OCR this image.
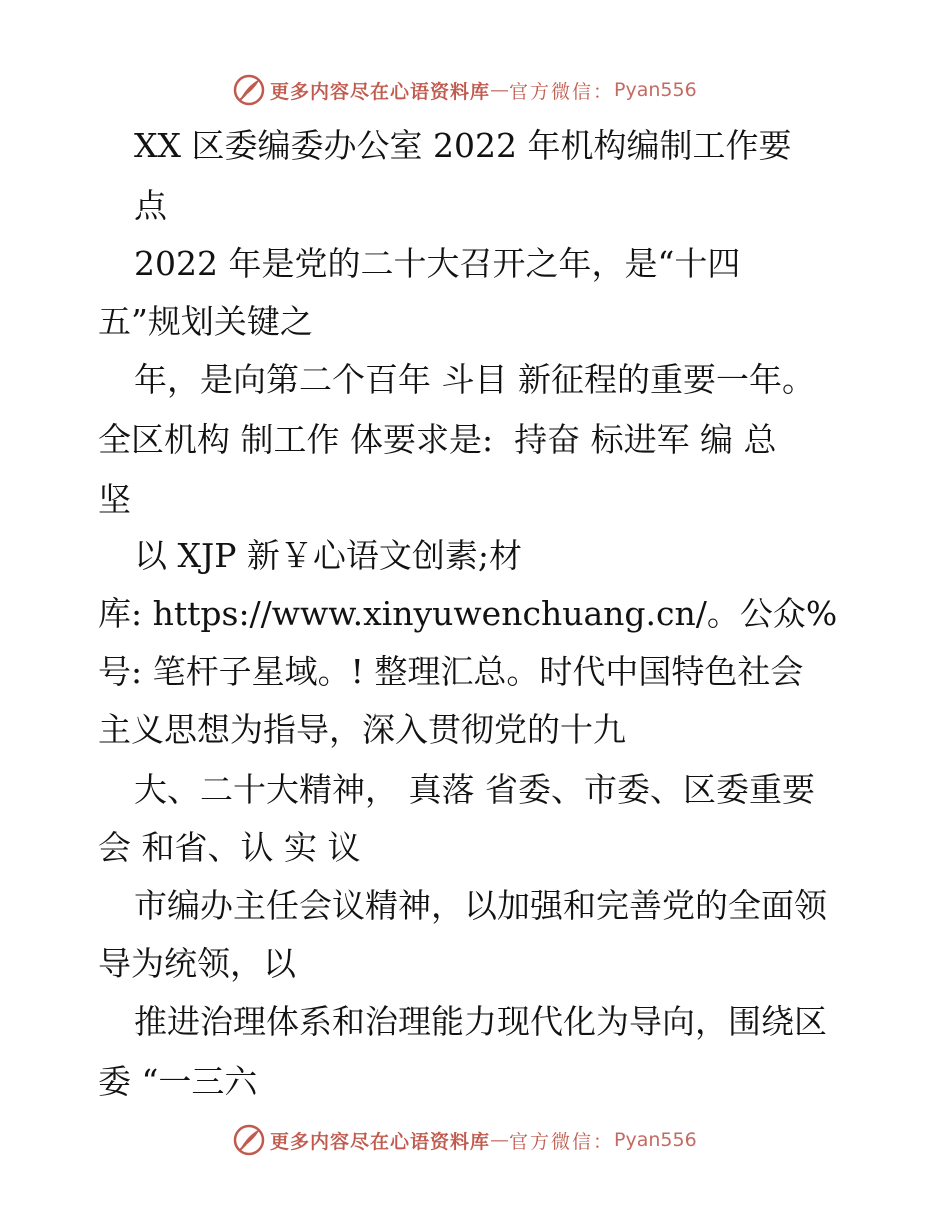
更多内容尽在心语资料库 — 官方微信： Pyan556
XX 区委编委办公室 2022 年机构编制工作要
点
2022 年是党的二十大召开之年，是“十四
五”规划关键之
年，是向第二个百年 斗目 新征程的重要一年。
全区机构 制工作 体要求是:  持奋 标进军 编 总
坚
以 XJP 新￥心语文创素;材
库: https://www.xinyuwenchuang.cn/。公众%
号: 笔杆子星域。! 整理汇总。时代中国特色社会
主义思想为指导，深入贯彻党的十九
大、二十大精神， 真落 省委、市委、区委重要
会 和省、认 实 议
市编办主任会议精神，以加强和完善党的全面领
导为统领，以
推进治理体系和治理能力现代化为导向，围绕区
委 “一三六
更多内容尽在心语资料库 — 官方微信： Pyan556
